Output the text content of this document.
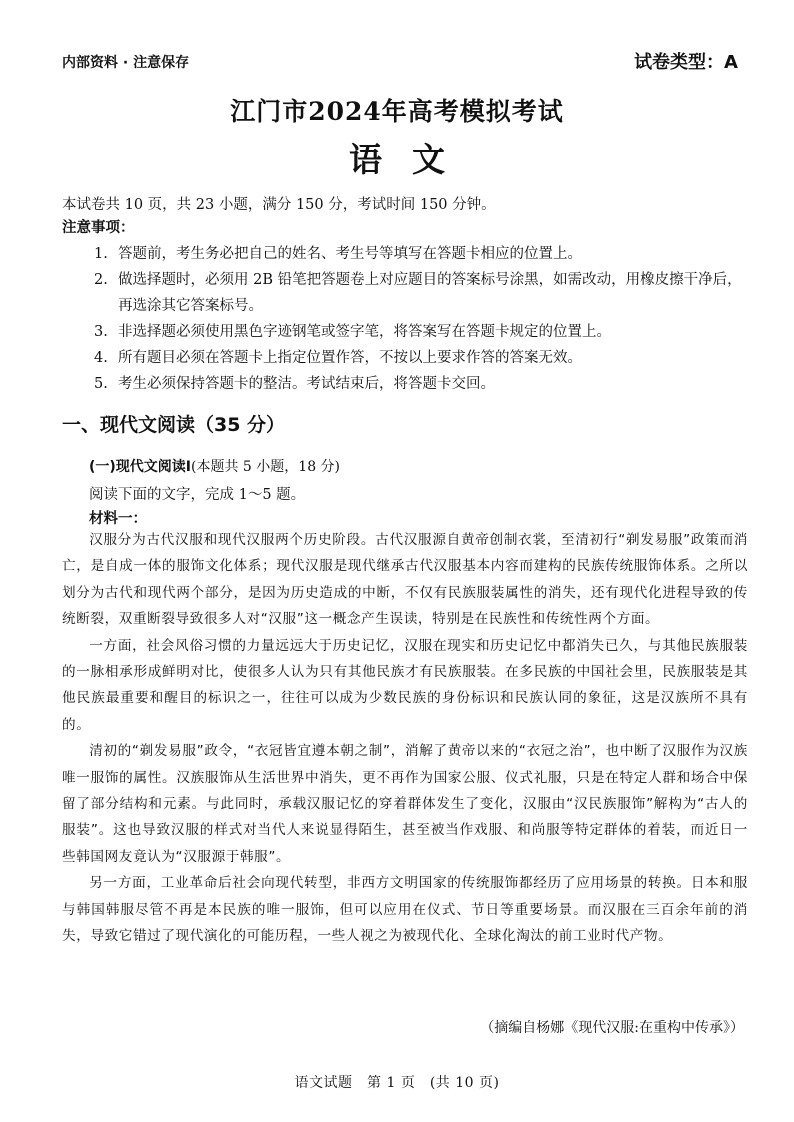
内部资料 · 注意保存	试卷类型：A
江门市2024年高考模拟考试
语文
本试卷共 10 页，共 23 小题，满分 150 分，考试时间 150 分钟。
注意事项：
1. 答题前，考生务必把自己的姓名、考生号等填写在答题卡相应的位置上。
2. 做选择题时，必须用 2B 铅笔把答题卷上对应题目的答案标号涂黑，如需改动，用橡皮擦干净后，再选涂其它答案标号。
3. 非选择题必须使用黑色字迹钢笔或签字笔，将答案写在答题卡规定的位置上。
4. 所有题目必须在答题卡上指定位置作答，不按以上要求作答的答案无效。
5. 考生必须保持答题卡的整洁。考试结束后，将答题卡交回。
一、现代文阅读（35 分）
(一)现代文阅读Ⅰ(本题共 5 小题，18 分)
阅读下面的文字，完成 1～5 题。
材料一：

汉服分为古代汉服和现代汉服两个历史阶段。古代汉服源自黄帝创制衣裳，至清初行“剃发易服”政策而消亡，是自成一体的服饰文化体系；现代汉服是现代继承古代汉服基本内容而建构的民族传统服饰体系。之所以划分为古代和现代两个部分，是因为历史造成的中断，不仅有民族服装属性的消失，还有现代化进程导致的传统断裂，双重断裂导致很多人对“汉服”这一概念产生误读，特别是在民族性和传统性两个方面。

一方面，社会风俗习惯的力量远远大于历史记忆，汉服在现实和历史记忆中都消失已久，与其他民族服装的一脉相承形成鲜明对比，使很多人认为只有其他民族才有民族服装。在多民族的中国社会里，民族服装是其他民族最重要和醒目的标识之一，往往可以成为少数民族的身份标识和民族认同的象征，这是汉族所不具有的。

清初的“剃发易服”政令，“衣冠皆宜遵本朝之制”，消解了黄帝以来的“衣冠之治”，也中断了汉服作为汉族唯一服饰的属性。汉族服饰从生活世界中消失，更不再作为国家公服、仪式礼服，只是在特定人群和场合中保留了部分结构和元素。与此同时，承载汉服记忆的穿着群体发生了变化，汉服由“汉民族服饰”解构为“古人的服装”。这也导致汉服的样式对当代人来说显得陌生，甚至被当作戏服、和尚服等特定群体的着装，而近日一些韩国网友竟认为“汉服源于韩服”。

另一方面，工业革命后社会向现代转型，非西方文明国家的传统服饰都经历了应用场景的转换。日本和服与韩国韩服尽管不再是本民族的唯一服饰，但可以应用在仪式、节日等重要场景。而汉服在三百余年前的消失，导致它错过了现代演化的可能历程，一些人视之为被现代化、全球化淘汰的前工业时代产物。

（摘编自杨娜《现代汉服:在重构中传承》）
语文试题　第 1 页　(共 10 页)
